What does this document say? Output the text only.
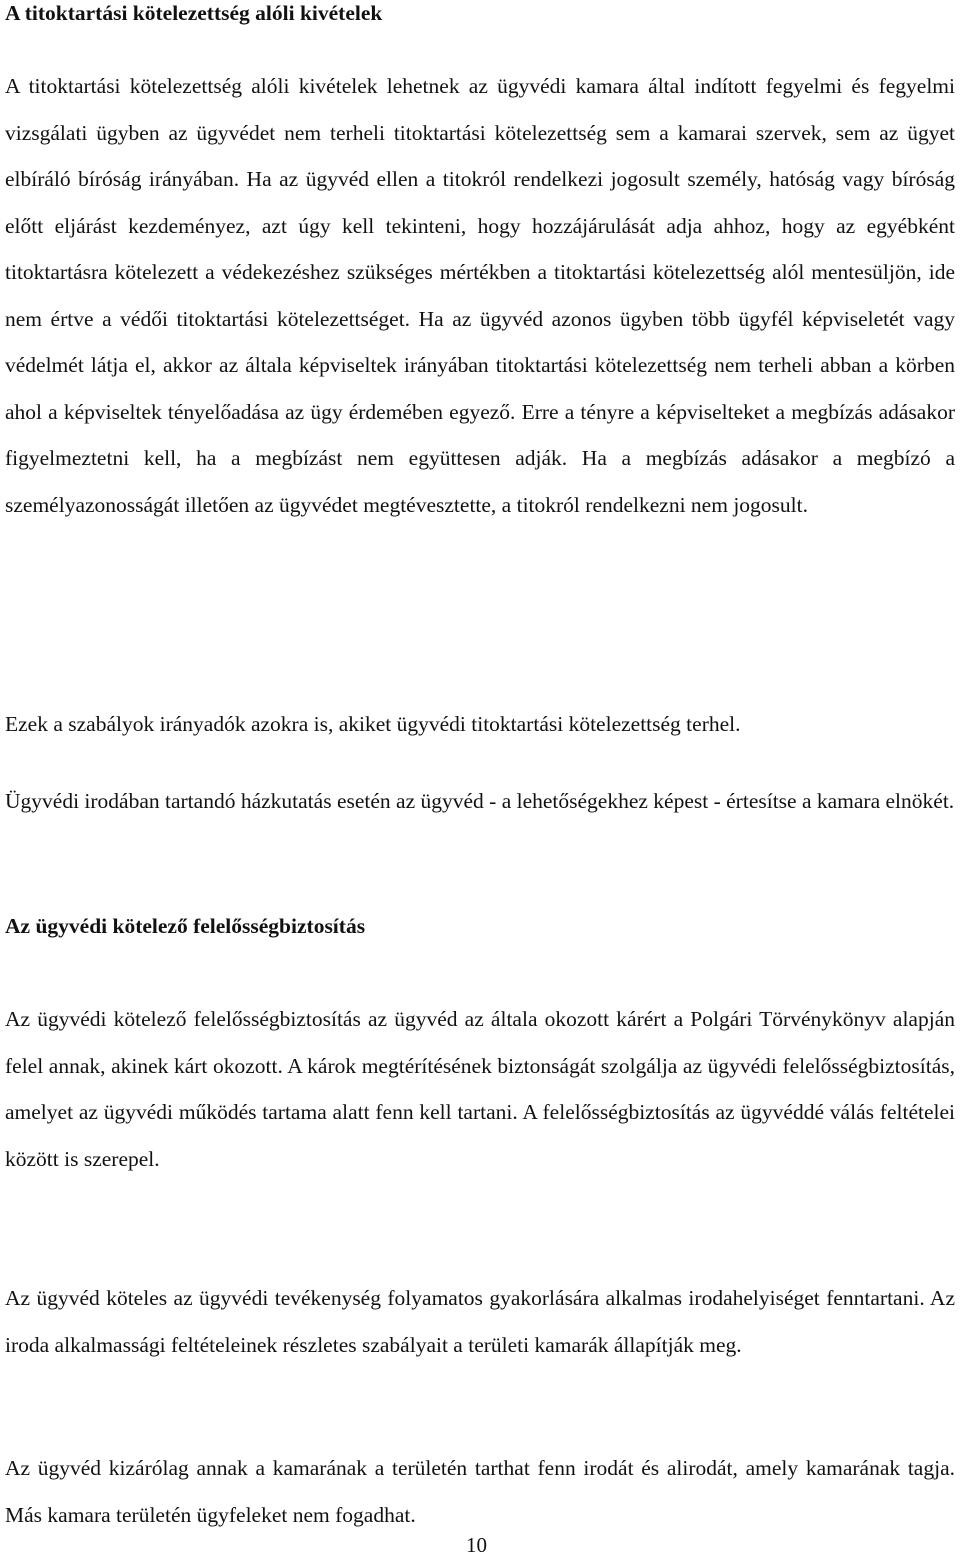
A titoktartási kötelezettség alóli kivételek

A titoktartási kötelezettség alóli kivételek lehetnek az ügyvédi kamara által indított fegyelmi és fegyelmi vizsgálati ügyben az ügyvédet nem terheli titoktartási kötelezettség sem a kamarai szervek, sem az ügyet elbíráló bíróság irányában. Ha az ügyvéd ellen a titokról rendelkezi jogosult személy, hatóság vagy bíróság előtt eljárást kezdeményez, azt úgy kell tekinteni, hogy hozzájárulását adja ahhoz, hogy az egyébként titoktartásra kötelezett a védekezéshez szükséges mértékben a titoktartási kötelezettség alól mentesüljön, ide nem értve a védői titoktartási kötelezettséget. Ha az ügyvéd azonos ügyben több ügyfél képviseletét vagy védelmét látja el, akkor az általa képviseltek irányában titoktartási kötelezettség nem terheli abban a körben ahol a képviseltek tényelőadása az ügy érdemében egyező. Erre a tényre a képviselteket a megbízás adásakor figyelmeztetni kell, ha a megbízást nem együttesen adják. Ha a megbízás adásakor a megbízó a személyazonosságát illetően az ügyvédet megtévesztette, a titokról rendelkezni nem jogosult.

Ezek a szabályok irányadók azokra is, akiket ügyvédi titoktartási kötelezettség terhel.

Ügyvédi irodában tartandó házkutatás esetén az ügyvéd - a lehetőségekhez képest - értesítse a kamara elnökét.

Az ügyvédi kötelező felelősségbiztosítás

Az ügyvédi kötelező felelősségbiztosítás az ügyvéd az általa okozott kárért a Polgári Törvénykönyv alapján felel annak, akinek kárt okozott. A károk megtérítésének biztonságát szolgálja az ügyvédi felelősségbiztosítás, amelyet az ügyvédi működés tartama alatt fenn kell tartani. A felelősségbiztosítás az ügyvéddé válás feltételei között is szerepel.

Az ügyvéd köteles az ügyvédi tevékenység folyamatos gyakorlására alkalmas irodahelyiséget fenntartani. Az iroda alkalmassági feltételeinek részletes szabályait a területi kamarák állapítják meg.

Az ügyvéd kizárólag annak a kamarának a területén tarthat fenn irodát és alirodát, amely kamarának tagja. Más kamara területén ügyfeleket nem fogadhat.

10
